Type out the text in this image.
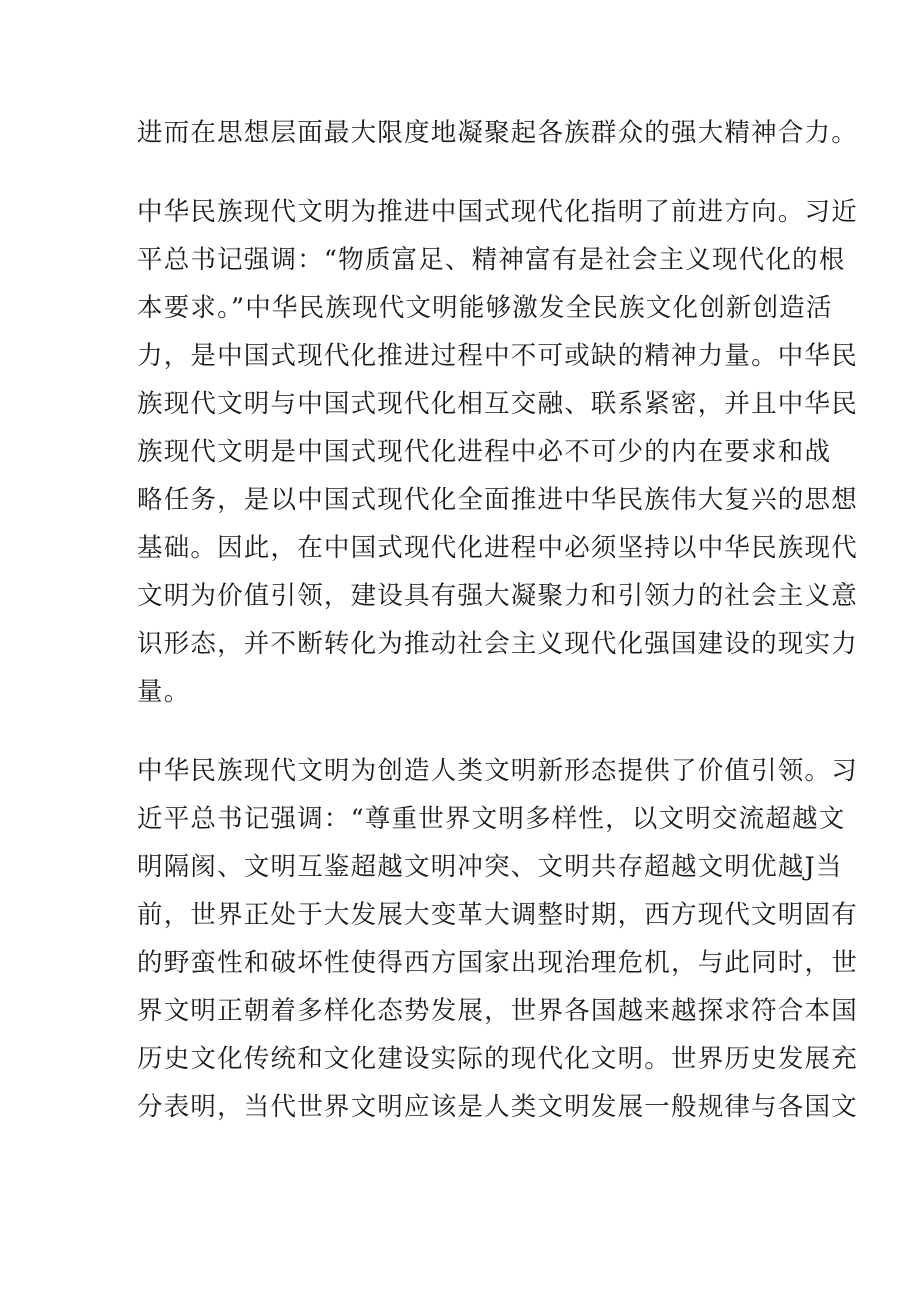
进而在思想层面最大限度地凝聚起各族群众的强大精神合力。
中华民族现代文明为推进中国式现代化指明了前进方向。习近
平总书记强调：“物质富足、精神富有是社会主义现代化的根
本要求。”中华民族现代文明能够激发全民族文化创新创造活
力，是中国式现代化推进过程中不可或缺的精神力量。中华民
族现代文明与中国式现代化相互交融、联系紧密，并且中华民
族现代文明是中国式现代化进程中必不可少的内在要求和战
略任务，是以中国式现代化全面推进中华民族伟大复兴的思想
基础。因此，在中国式现代化进程中必须坚持以中华民族现代
文明为价值引领，建设具有强大凝聚力和引领力的社会主义意
识形态，并不断转化为推动社会主义现代化强国建设的现实力
量。
中华民族现代文明为创造人类文明新形态提供了价值引领。习
近平总书记强调：“尊重世界文明多样性，以文明交流超越文
明隔阂、文明互鉴超越文明冲突、文明共存超越文明优越J当
前，世界正处于大发展大变革大调整时期，西方现代文明固有
的野蛮性和破坏性使得西方国家出现治理危机，与此同时，世
界文明正朝着多样化态势发展，世界各国越来越探求符合本国
历史文化传统和文化建设实际的现代化文明。世界历史发展充
分表明，当代世界文明应该是人类文明发展一般规律与各国文
